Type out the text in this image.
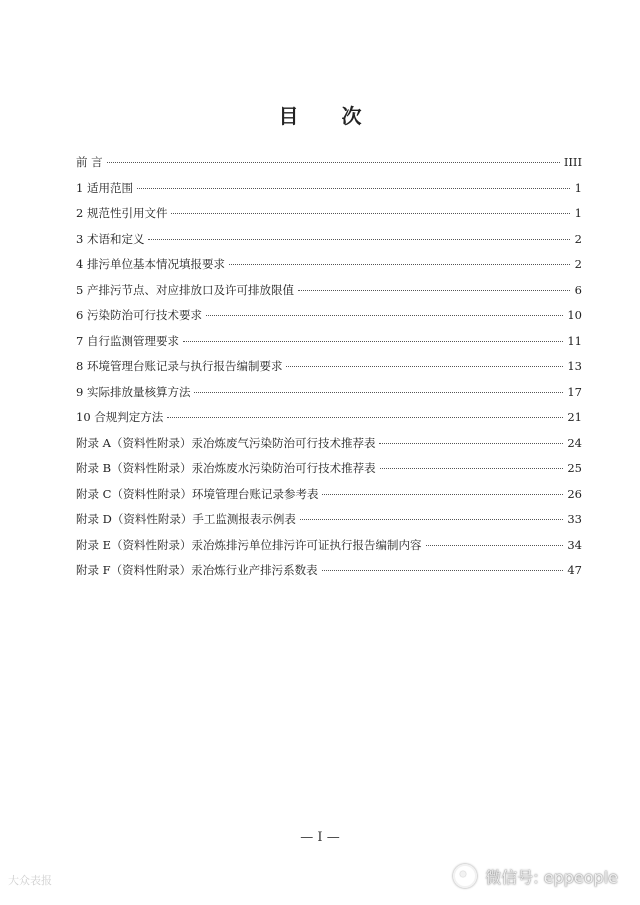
目 次
前 言	IIII
1 适用范围	1
2 规范性引用文件	1
3 术语和定义	2
4 排污单位基本情况填报要求	2
5 产排污节点、对应排放口及许可排放限值	6
6 污染防治可行技术要求	10
7 自行监测管理要求	11
8 环境管理台账记录与执行报告编制要求	13
9 实际排放量核算方法	17
10 合规判定方法	21
附录 A（资料性附录）汞冶炼废气污染防治可行技术推荐表	24
附录 B（资料性附录）汞冶炼废水污染防治可行技术推荐表	25
附录 C（资料性附录）环境管理台账记录参考表	26
附录 D（资料性附录）手工监测报表示例表	33
附录 E（资料性附录）汞冶炼排污单位排污许可证执行报告编制内容	34
附录 F（资料性附录）汞冶炼行业产排污系数表	47
— I —
大众表报	微信号: eppeople
